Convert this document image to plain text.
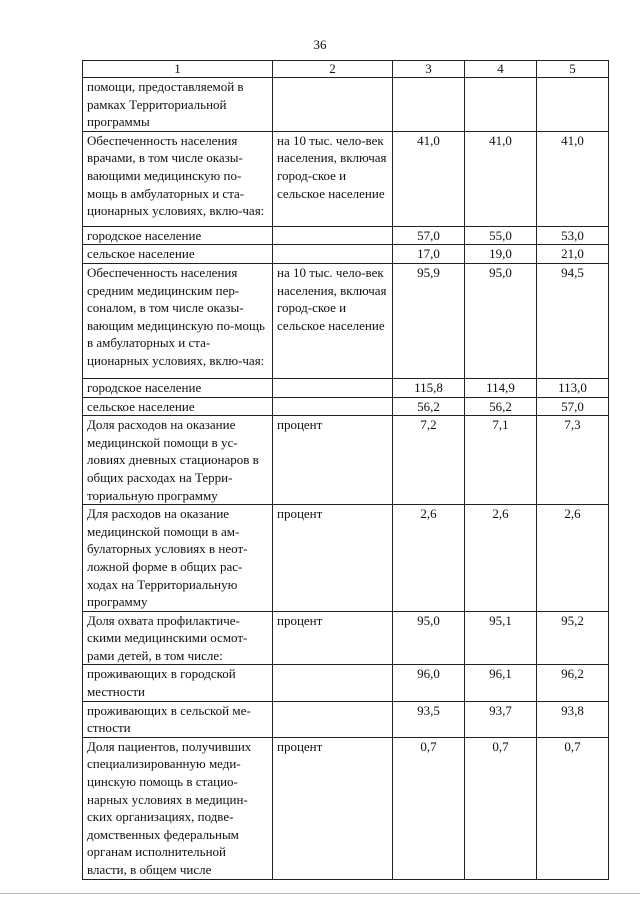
36
1	2	3	4	5
помощи, предоставляемой в рамках Территориальной программы				
Обеспеченность населения врачами, в том числе оказы-вающими медицинскую по-мощь в амбулаторных и ста-ционарных условиях, вклю-чая:	на 10 тыс. чело-век населения, включая город-ское и сельское население	41,0	41,0	41,0
городское население		57,0	55,0	53,0
сельское население		17,0	19,0	21,0
Обеспеченность населения средним медицинским пер-соналом, в том числе оказы-вающим медицинскую по-мощь в амбулаторных и ста-ционарных условиях, вклю-чая:	на 10 тыс. чело-век населения, включая город-ское и сельское население	95,9	95,0	94,5
городское население		115,8	114,9	113,0
сельское население		56,2	56,2	57,0
Доля расходов на оказание медицинской помощи в ус-ловиях дневных стационаров в общих расходах на Терри-ториальную программу	процент	7,2	7,1	7,3
Для расходов на оказание медицинской помощи в ам-булаторных условиях в неот-ложной форме в общих рас-ходах на Территориальную программу	процент	2,6	2,6	2,6
Доля охвата профилактиче-скими медицинскими осмот-рами детей, в том числе:	процент	95,0	95,1	95,2
проживающих в городской местности		96,0	96,1	96,2
проживающих в сельской ме-стности		93,5	93,7	93,8
Доля пациентов, получивших специализированную меди-цинскую помощь в стацио-нарных условиях в медицин-ских организациях, подве-домственных федеральным органам исполнительной власти, в общем числе	процент	0,7	0,7	0,7
